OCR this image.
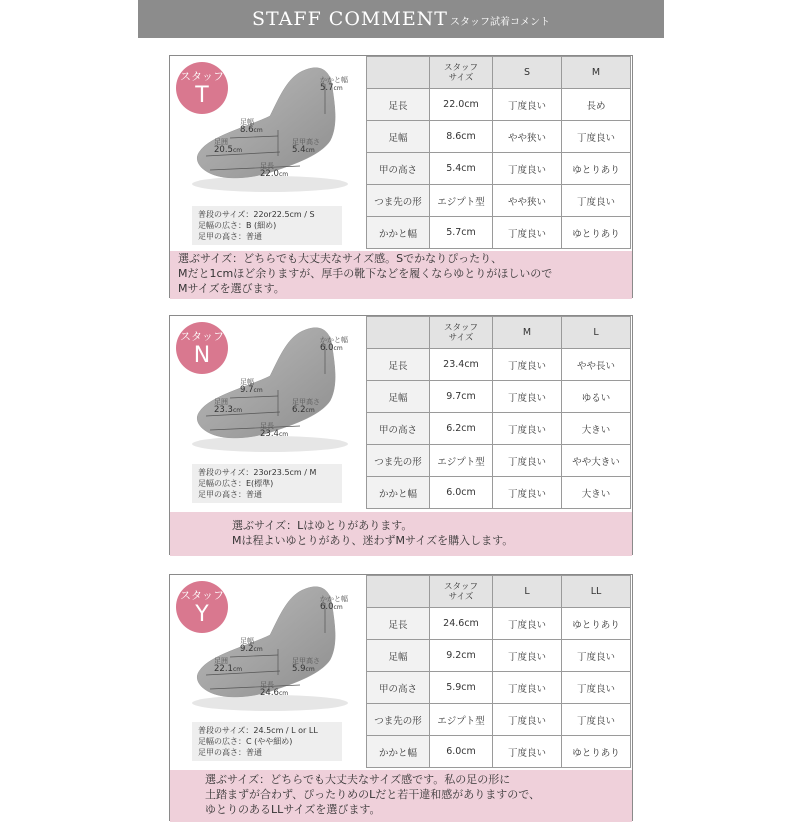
STAFF COMMENT スタッフ試着コメント
スタッフ
T
かかと幅
5.7cm
足幅
8.6cm
足囲
20.5cm
足甲高さ
5.4cm
足長
22.0cm
普段のサイズ：22or22.5cm / S
足幅の広さ：B (細め)
足甲の高さ：普通
	スタッフ
サイズ	S	M
足長	22.0cm	丁度良い	長め
足幅	8.6cm	やや狭い	丁度良い
甲の高さ	5.4cm	丁度良い	ゆとりあり
つま先の形	エジプト型	やや狭い	丁度良い
かかと幅	5.7cm	丁度良い	ゆとりあり
選ぶサイズ：どちらでも大丈夫なサイズ感。Sでかなりぴったり、
Mだと1cmほど余りますが、厚手の靴下などを履くならゆとりがほしいので
Mサイズを選びます。
スタッフ
N
かかと幅
6.0cm
足幅
9.7cm
足囲
23.3cm
足甲高さ
6.2cm
足長
23.4cm
普段のサイズ：23or23.5cm / M
足幅の広さ：E(標準)
足甲の高さ：普通
	スタッフ
サイズ	M	L
足長	23.4cm	丁度良い	やや長い
足幅	9.7cm	丁度良い	ゆるい
甲の高さ	6.2cm	丁度良い	大きい
つま先の形	エジプト型	丁度良い	やや大きい
かかと幅	6.0cm	丁度良い	大きい
選ぶサイズ：Lはゆとりがあります。
Mは程よいゆとりがあり、迷わずMサイズを購入します。
スタッフ
Y
かかと幅
6.0cm
足幅
9.2cm
足囲
22.1cm
足甲高さ
5.9cm
足長
24.6cm
普段のサイズ：24.5cm / L or LL
足幅の広さ：C (やや細め)
足甲の高さ：普通
	スタッフ
サイズ	L	LL
足長	24.6cm	丁度良い	ゆとりあり
足幅	9.2cm	丁度良い	丁度良い
甲の高さ	5.9cm	丁度良い	丁度良い
つま先の形	エジプト型	丁度良い	丁度良い
かかと幅	6.0cm	丁度良い	ゆとりあり
選ぶサイズ：どちらでも大丈夫なサイズ感です。私の足の形に
土踏まずが合わず、ぴったりめのLだと若干違和感がありますので、
ゆとりのあるLLサイズを選びます。
